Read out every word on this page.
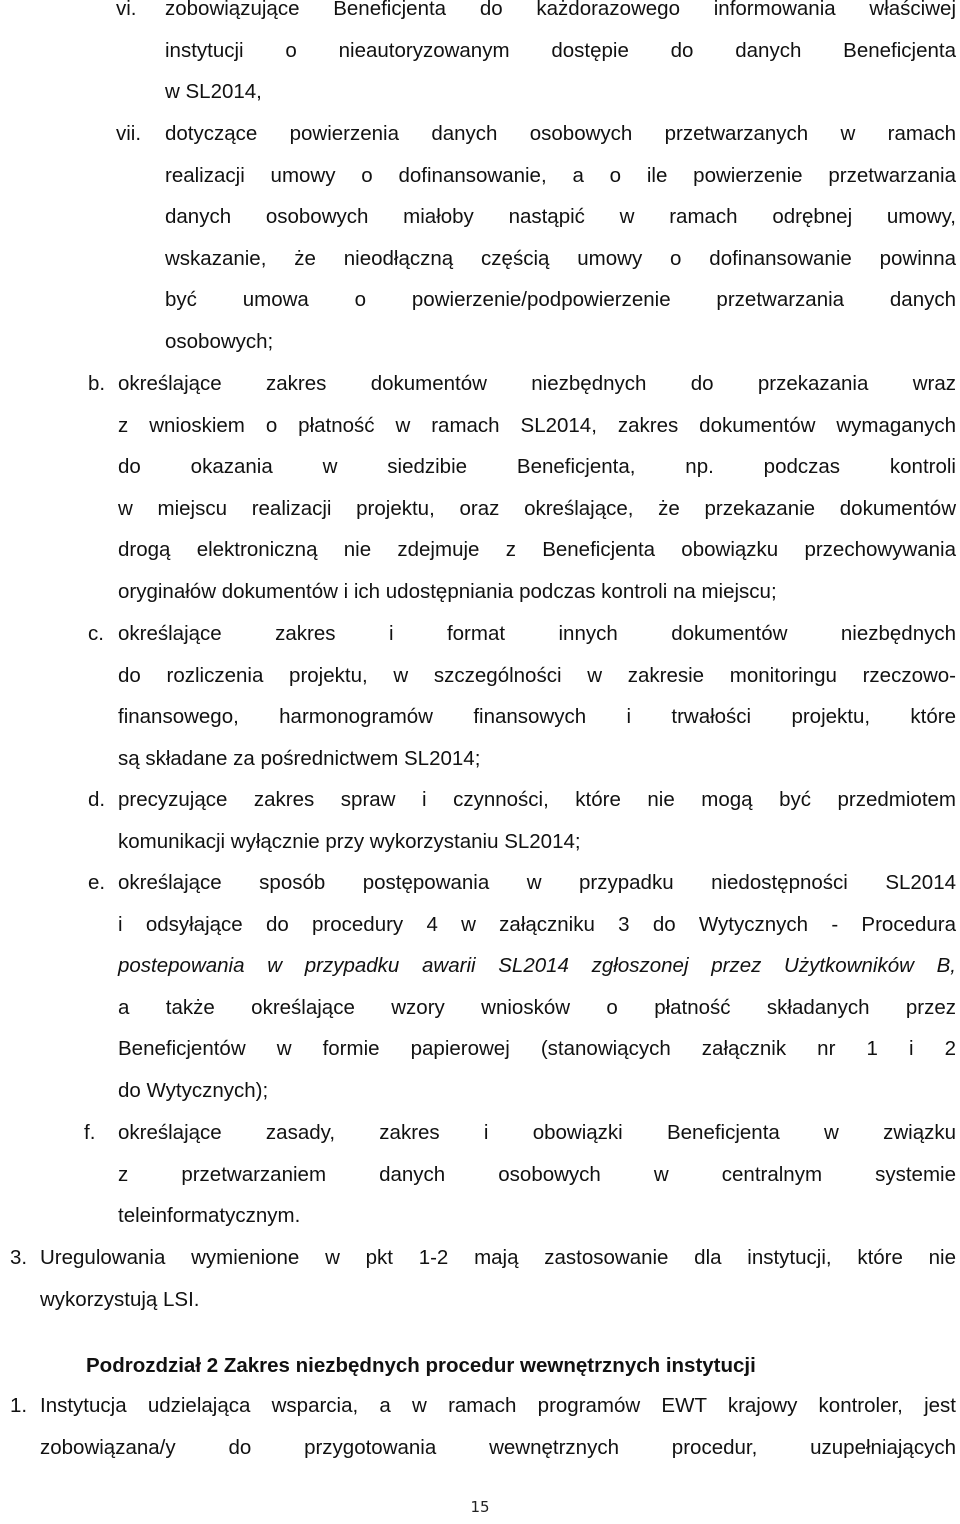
vi. zobowiązujące Beneficjenta do każdorazowego informowania właściwej
instytucji o nieautoryzowanym dostępie do danych Beneficjenta
w SL2014,
vii. dotyczące powierzenia danych osobowych przetwarzanych w ramach
realizacji umowy o dofinansowanie, a o ile powierzenie przetwarzania
danych osobowych miałoby nastąpić w ramach odrębnej umowy,
wskazanie, że nieodłączną częścią umowy o dofinansowanie powinna
być umowa o powierzenie/podpowierzenie przetwarzania danych
osobowych;
b. określające zakres dokumentów niezbędnych do przekazania wraz
z wnioskiem o płatność w ramach SL2014, zakres dokumentów wymaganych
do okazania w siedzibie Beneficjenta, np. podczas kontroli
w miejscu realizacji projektu, oraz określające, że przekazanie dokumentów
drogą elektroniczną nie zdejmuje z Beneficjenta obowiązku przechowywania
oryginałów dokumentów i ich udostępniania podczas kontroli na miejscu;
c. określające zakres i format innych dokumentów niezbędnych
do rozliczenia projektu, w szczególności w zakresie monitoringu rzeczowo-
finansowego, harmonogramów finansowych i trwałości projektu, które
są składane za pośrednictwem SL2014;
d. precyzujące zakres spraw i czynności, które nie mogą być przedmiotem
komunikacji wyłącznie przy wykorzystaniu SL2014;
e. określające sposób postępowania w przypadku niedostępności SL2014
i odsyłające do procedury 4 w załączniku 3 do Wytycznych - Procedura
postepowania w przypadku awarii SL2014 zgłoszonej przez Użytkowników B,
a także określające wzory wniosków o płatność składanych przez
Beneficjentów w formie papierowej (stanowiących załącznik nr 1 i 2
do Wytycznych);
f. określające zasady, zakres i obowiązki Beneficjenta w związku
z przetwarzaniem danych osobowych w centralnym systemie
teleinformatycznym.
3. Uregulowania wymienione w pkt 1-2 mają zastosowanie dla instytucji, które nie
wykorzystują LSI.
Podrozdział 2 Zakres niezbędnych procedur wewnętrznych instytucji
1. Instytucja udzielająca wsparcia, a w ramach programów EWT krajowy kontroler, jest
zobowiązana/y do przygotowania wewnętrznych procedur, uzupełniających
15
